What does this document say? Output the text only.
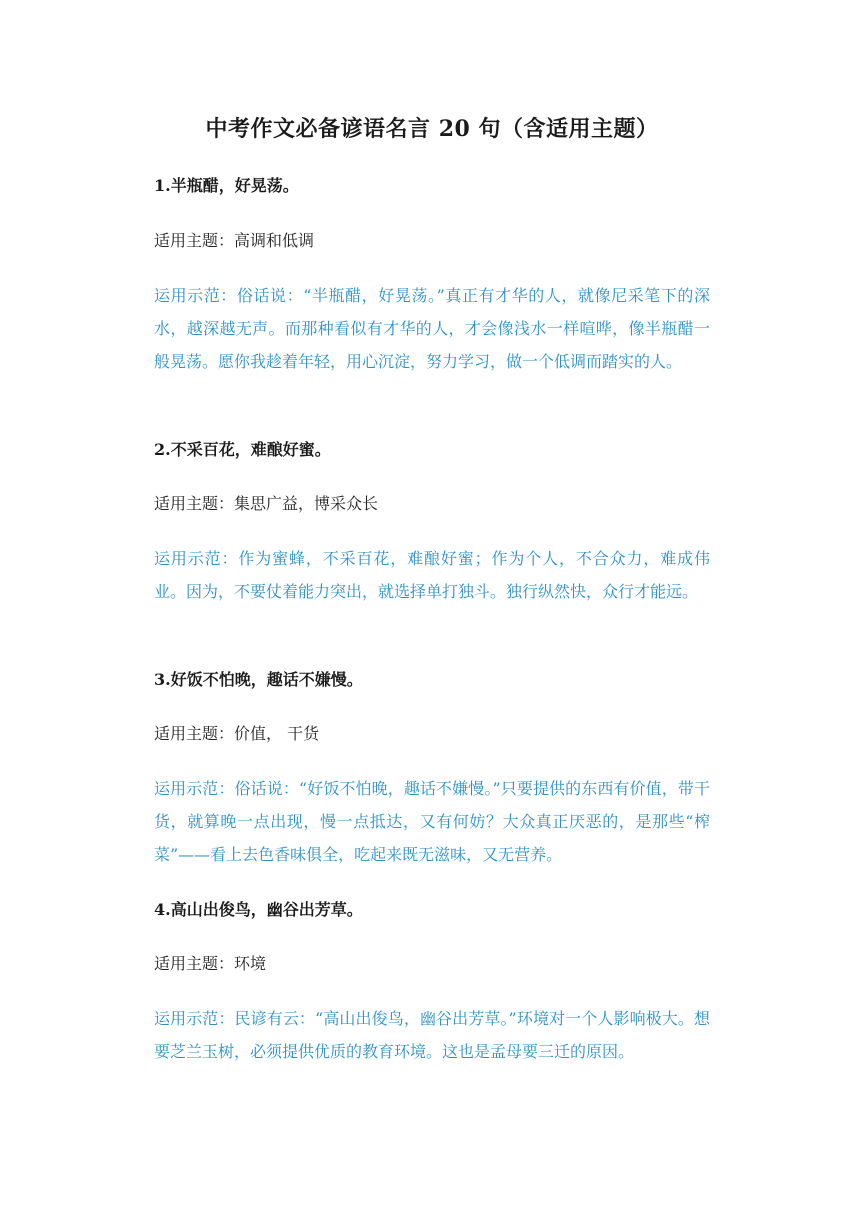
中考作文必备谚语名言 20 句（含适用主题）
1.半瓶醋，好晃荡。
适用主题：高调和低调
运用示范：俗话说：“半瓶醋，好晃荡。”真正有才华的人，就像尼采笔下的深水，越深越无声。而那种看似有才华的人，才会像浅水一样喧哗，像半瓶醋一般晃荡。愿你我趁着年轻，用心沉淀，努力学习，做一个低调而踏实的人。
2.不采百花，难酿好蜜。
适用主题：集思广益，博采众长
运用示范：作为蜜蜂，不采百花，难酿好蜜；作为个人，不合众力，难成伟业。因为，不要仗着能力突出，就选择单打独斗。独行纵然快，众行才能远。
3.好饭不怕晚，趣话不嫌慢。
适用主题：价值， 干货
运用示范：俗话说：“好饭不怕晚，趣话不嫌慢。”只要提供的东西有价值，带干货，就算晚一点出现，慢一点抵达，又有何妨？大众真正厌恶的，是那些“榨菜”——看上去色香味俱全，吃起来既无滋味，又无营养。
4.高山出俊鸟，幽谷出芳草。
适用主题：环境
运用示范：民谚有云：“高山出俊鸟，幽谷出芳草。”环境对一个人影响极大。想要芝兰玉树，必须提供优质的教育环境。这也是孟母要三迁的原因。
